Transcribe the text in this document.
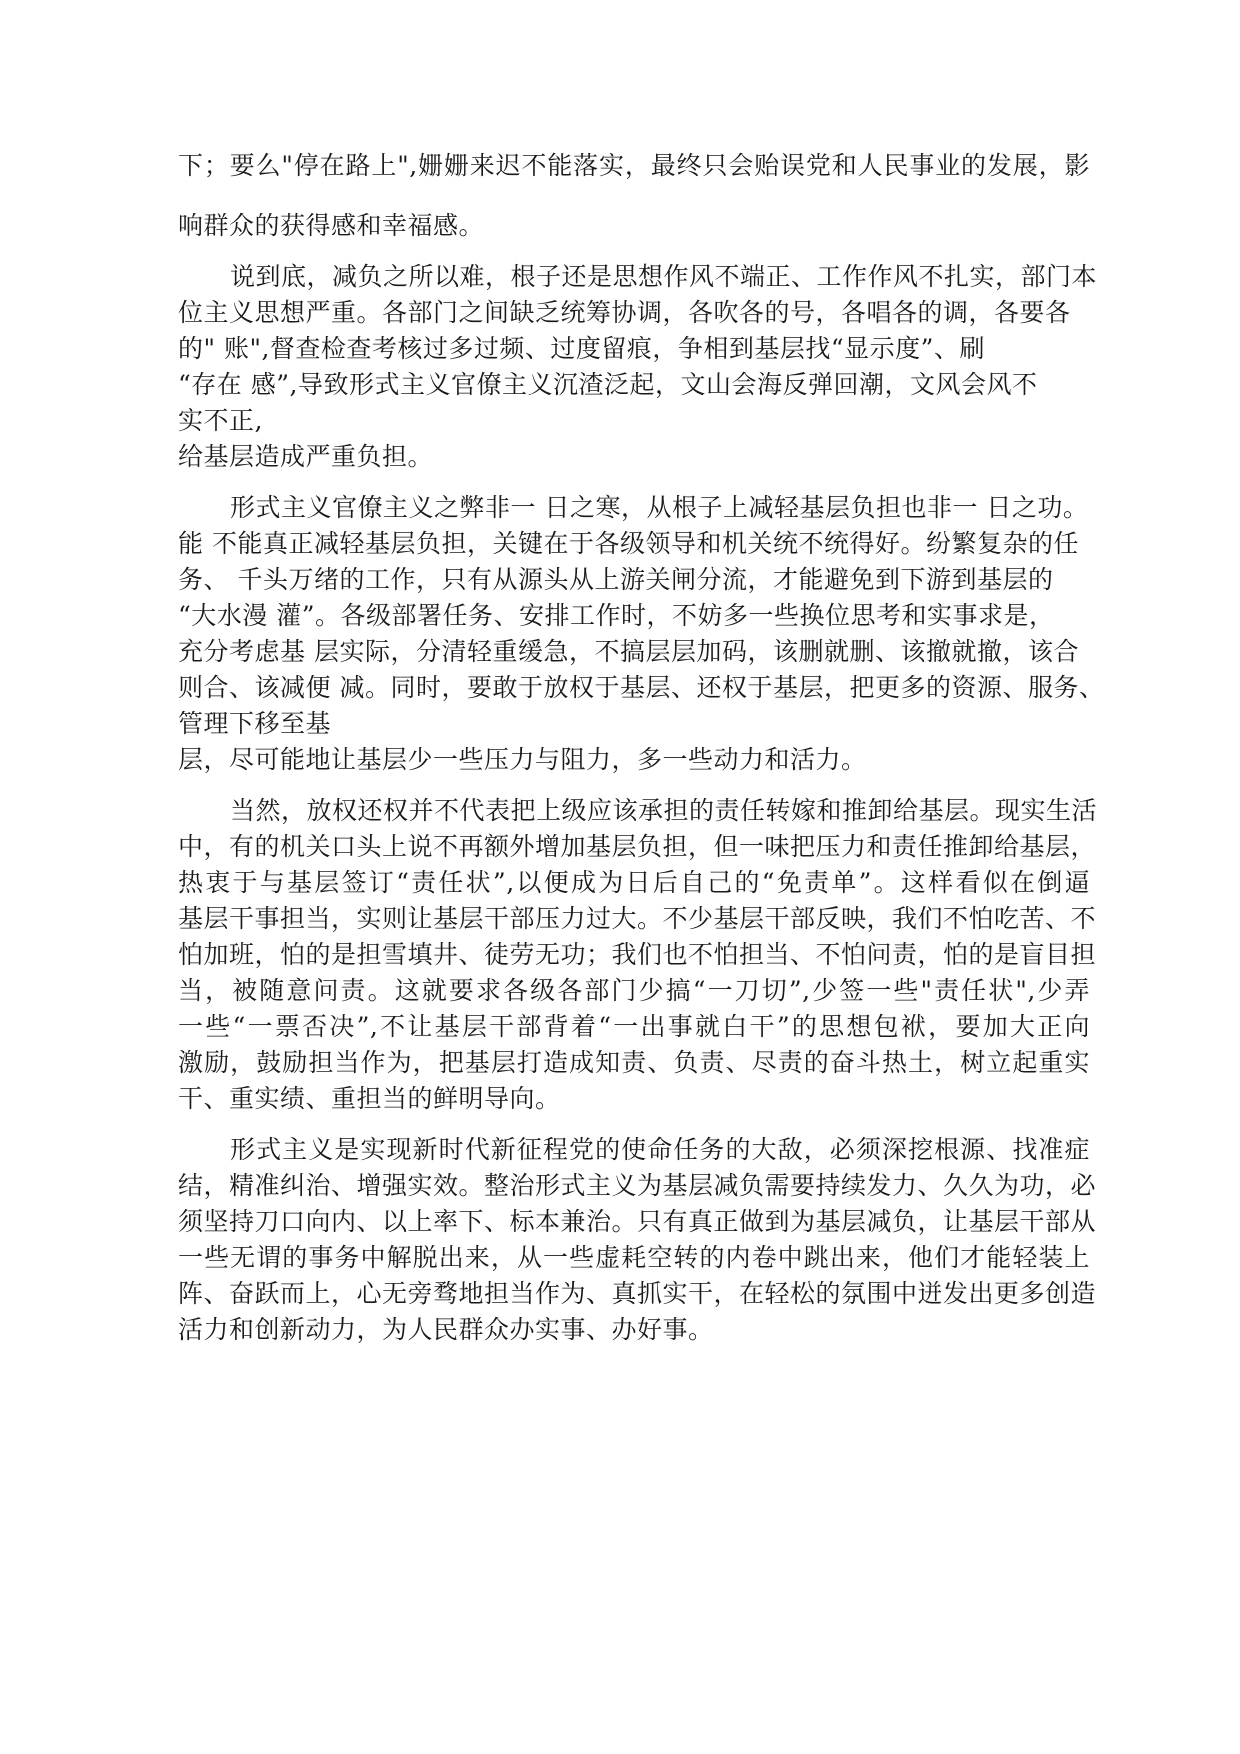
下；要么"停在路上",姗姗来迟不能落实，最终只会贻误党和人民事业的发展，影
响群众的获得感和幸福感。
说到底，减负之所以难，根子还是思想作风不端正、工作作风不扎实，部门本
位主义思想严重。各部门之间缺乏统筹协调，各吹各的号，各唱各的调，各要各
的" 账",督查检查考核过多过频、过度留痕，争相到基层找“显示度”、刷
“存在 感”,导致形式主义官僚主义沉渣泛起，文山会海反弹回潮，文风会风不
实不正,
给基层造成严重负担。
形式主义官僚主义之弊非一 日之寒，从根子上减轻基层负担也非一 日之功。
能 不能真正减轻基层负担，关键在于各级领导和机关统不统得好。纷繁复杂的任
务、 千头万绪的工作，只有从源头从上游关闸分流，才能避免到下游到基层的
“大水漫 灌”。各级部署任务、安排工作时，不妨多一些换位思考和实事求是，
充分考虑基 层实际，分清轻重缓急，不搞层层加码，该删就删、该撤就撤，该合
则合、该减便 减。同时，要敢于放权于基层、还权于基层，把更多的资源、服务、
管理下移至基
层，尽可能地让基层少一些压力与阻力，多一些动力和活力。
当然，放权还权并不代表把上级应该承担的责任转嫁和推卸给基层。现实生活
中，有的机关口头上说不再额外增加基层负担，但一味把压力和责任推卸给基层，
热衷于与基层签订“责任状”,以便成为日后自己的“免责单”。这样看似在倒逼
基层干事担当，实则让基层干部压力过大。不少基层干部反映，我们不怕吃苦、不
怕加班，怕的是担雪填井、徒劳无功；我们也不怕担当、不怕问责，怕的是盲目担
当，被随意问责。这就要求各级各部门少搞“一刀切”,少签一些"责任状",少弄
一些“一票否决”,不让基层干部背着“一出事就白干”的思想包袱，要加大正向
激励，鼓励担当作为，把基层打造成知责、负责、尽责的奋斗热土，树立起重实
干、重实绩、重担当的鲜明导向。
形式主义是实现新时代新征程党的使命任务的大敌，必须深挖根源、找准症
结，精准纠治、增强实效。整治形式主义为基层减负需要持续发力、久久为功，必
须坚持刀口向内、以上率下、标本兼治。只有真正做到为基层减负，让基层干部从
一些无谓的事务中解脱出来，从一些虚耗空转的内卷中跳出来，他们才能轻装上
阵、奋跃而上，心无旁骛地担当作为、真抓实干，在轻松的氛围中迸发出更多创造
活力和创新动力，为人民群众办实事、办好事。
